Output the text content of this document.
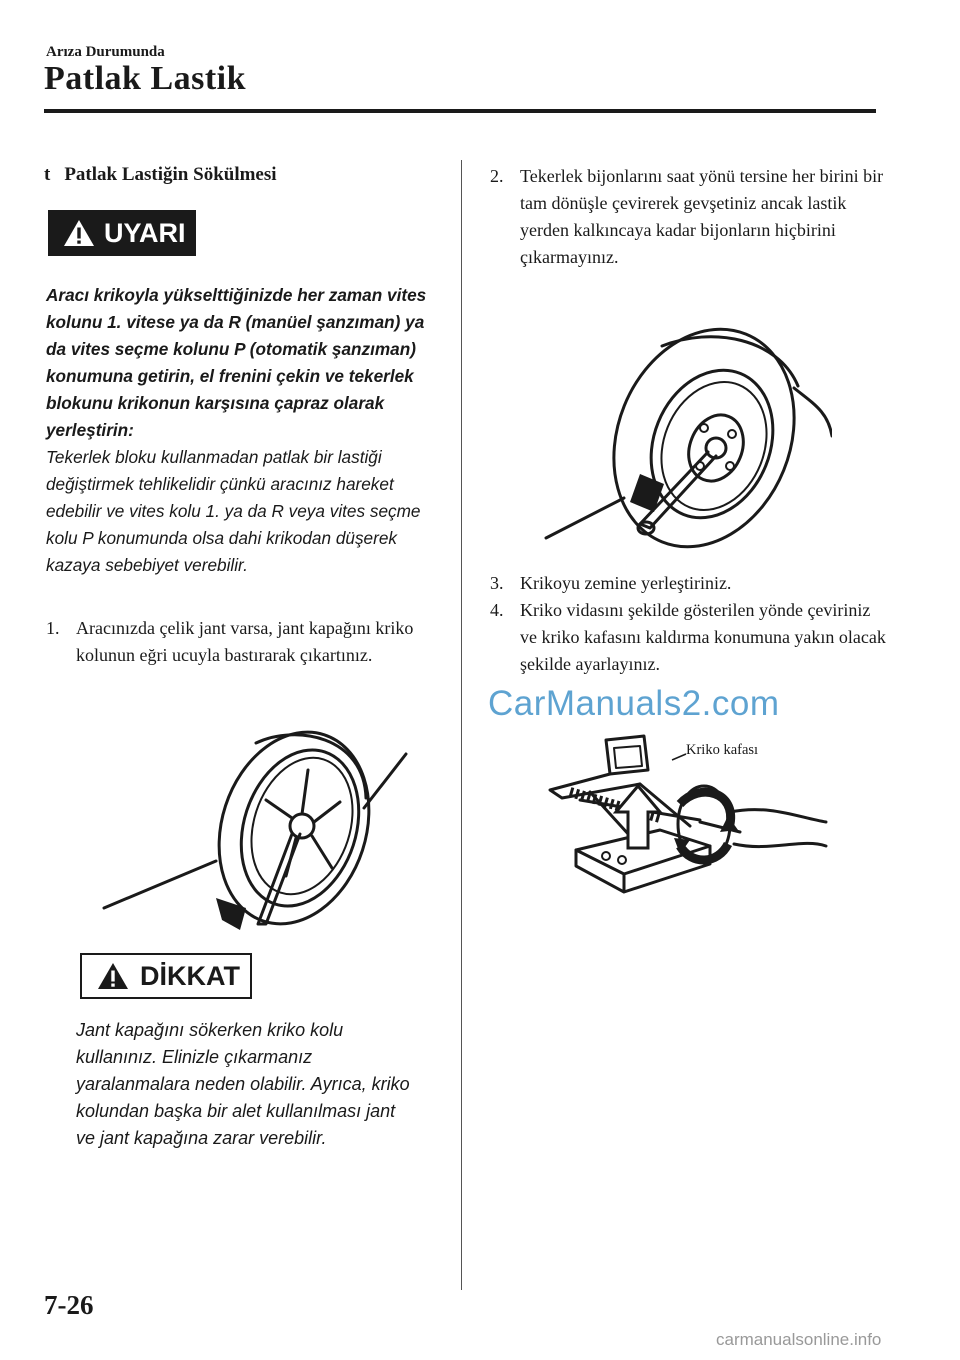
Arıza Durumunda
Patlak Lastik
t Patlak Lastiğin Sökülmesi
UYARI
Aracı krikoyla yükselttiğinizde her zaman vites kolunu 1. vitese ya da R (manüel şanzıman) ya da vites seçme kolunu P (otomatik şanzıman) konumuna getirin, el frenini çekin ve tekerlek blokunu krikonun karşısına çapraz olarak yerleştirin:
Tekerlek bloku kullanmadan patlak bir lastiği değiştirmek tehlikelidir çünkü aracınız hareket edebilir ve vites kolu 1. ya da R veya vites seçme kolu P konumunda olsa dahi krikodan düşerek kazaya sebebiyet verebilir.
1. Aracınızda çelik jant varsa, jant kapağını kriko kolunun eğri ucuyla bastırarak çıkartınız.
DİKKAT
Jant kapağını sökerken kriko kolu kullanınız. Elinizle çıkarmanız yaralanmalara neden olabilir. Ayrıca, kriko kolundan başka bir alet kullanılması jant ve jant kapağına zarar verebilir.
2. Tekerlek bijonlarını saat yönü tersine her birini bir tam dönüşle çevirerek gevşetiniz ancak lastik yerden kalkıncaya kadar bijonların hiçbirini çıkarmayınız.
3. Krikoyu zemine yerleştiriniz.
4. Kriko vidasını şekilde gösterilen yönde çeviriniz ve kriko kafasını kaldırma konumuna yakın olacak şekilde ayarlayınız.
CarManuals2.com
Kriko kafası
7-26
carmanualsonline.info
